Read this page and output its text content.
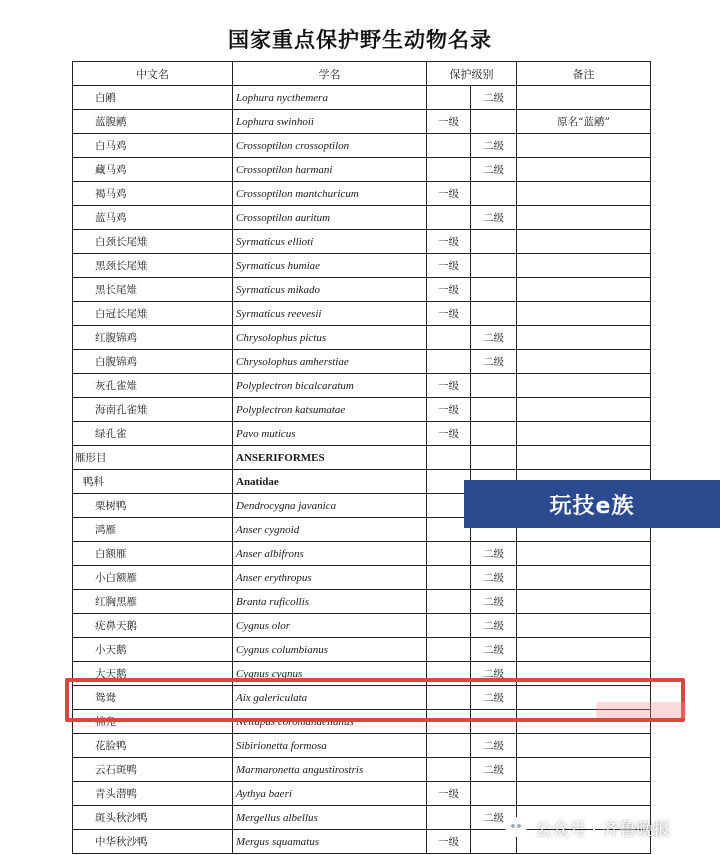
国家重点保护野生动物名录
中文名	学名	保护级别		备注
白鹇	Lophura nycthemera		二级	
蓝腹鹇	Lophura swinhoii	一级		原名“蓝鹇”
白马鸡	Crossoptilon crossoptilon		二级	
藏马鸡	Crossoptilon harmani		二级	
褐马鸡	Crossoptilon mantchuricum	一级		
蓝马鸡	Crossoptilon auritum		二级	
白颈长尾雉	Syrmaticus ellioti	一级		
黑颈长尾雉	Syrmaticus humiae	一级		
黑长尾雉	Syrmaticus mikado	一级		
白冠长尾雉	Syrmaticus reevesii	一级		
红腹锦鸡	Chrysolophus pictus		二级	
白腹锦鸡	Chrysolophus amherstiae		二级	
灰孔雀雉	Polyplectron bicalcaratum	一级		
海南孔雀雉	Polyplectron katsumatae	一级		
绿孔雀	Pavo muticus	一级		
雁形目	ANSERIFORMES			
鸭科	Anatidae			
栗树鸭	Dendrocygna javanica			
鸿雁	Anser cygnoid			
白额雁	Anser albifrons		二级	
小白额雁	Anser erythropus		二级	
红胸黑雁	Branta ruficollis		二级	
疣鼻天鹅	Cygnus olor		二级	
小天鹅	Cygnus columbianus		二级	
大天鹅	Cygnus cygnus		二级	
鸳鸯	Aix galericulata		二级	
棉凫	Nettapus coromandelianus			
花脸鸭	Sibirionetta formosa		二级	
云石斑鸭	Marmaronetta angustirostris		二级	
青头潜鸭	Aythya baeri	一级		
斑头秋沙鸭	Mergellus albellus		二级	
中华秋沙鸭	Mergus squamatus	一级		
玩技e族
公众号 · 齐鲁晚报
